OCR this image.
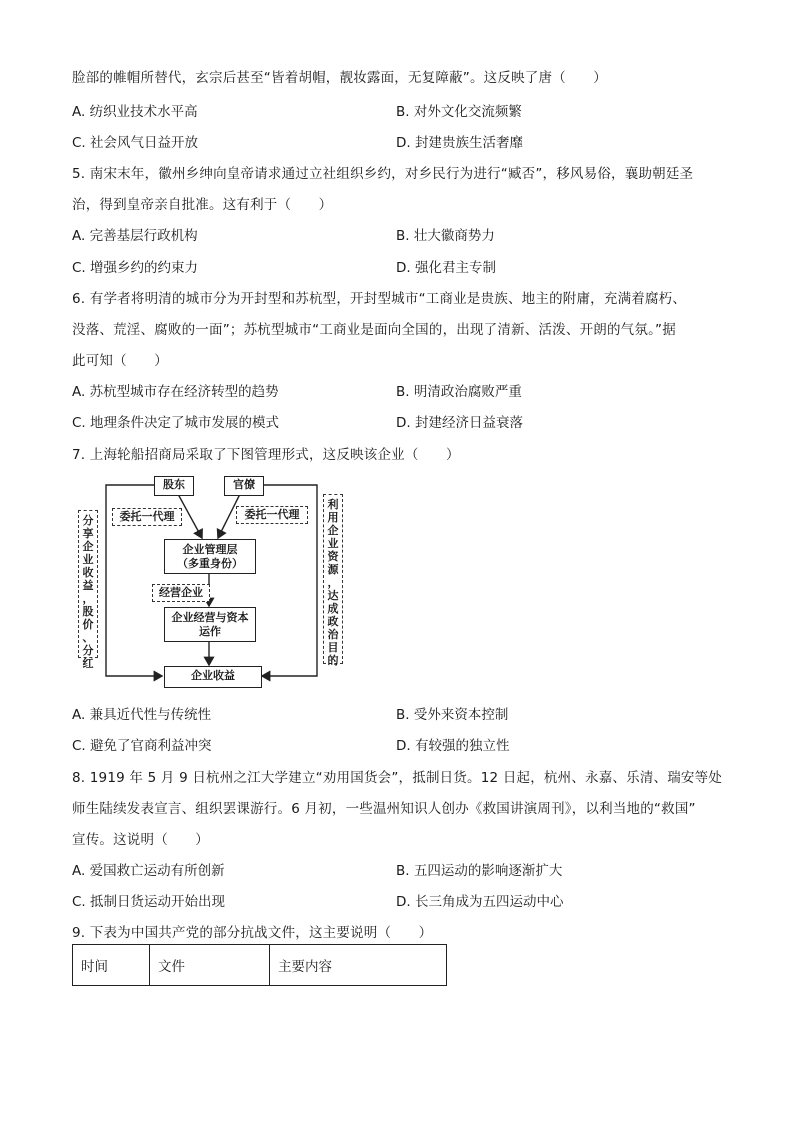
脸部的帷帽所替代，玄宗后甚至“皆着胡帽，靓妆露面，无复障蔽”。这反映了唐（　　）
A. 纺织业技术水平高	B. 对外文化交流频繁
C. 社会风气日益开放	D. 封建贵族生活奢靡
5. 南宋末年，徽州乡绅向皇帝请求通过立社组织乡约，对乡民行为进行“臧否”，移风易俗，襄助朝廷圣
治，得到皇帝亲自批准。这有利于（　　）
A. 完善基层行政机构	B. 壮大徽商势力
C. 增强乡约的约束力	D. 强化君主专制
6. 有学者将明清的城市分为开封型和苏杭型，开封型城市“工商业是贵族、地主的附庸，充满着腐朽、
没落、荒淫、腐败的一面”；苏杭型城市“工商业是面向全国的，出现了清新、活泼、开朗的气氛。”据
此可知（　　）
A. 苏杭型城市存在经济转型的趋势	B. 明清政治腐败严重
C. 地理条件决定了城市发展的模式	D. 封建经济日益衰落
7. 上海轮船招商局采取了下图管理形式，这反映该企业（　　）
股东	官僚
委托一代理	委托一代理
企业管理层
（多重身份）
经营企业
企业经营与资本
运作
企业收益
分
享
企
业
收
益
，
股
价
、
分
红
利
用
企
业
资
源
，
达
成
政
治
目
的
A. 兼具近代性与传统性	B. 受外来资本控制
C. 避免了官商利益冲突	D. 有较强的独立性
8. 1919 年 5 月 9 日杭州之江大学建立“劝用国货会”，抵制日货。12 日起，杭州、永嘉、乐清、瑞安等处
师生陆续发表宣言、组织罢课游行。6 月初，一些温州知识人创办《救国讲演周刊》，以利当地的“救国”
宣传。这说明（　　）
A. 爱国救亡运动有所创新	B. 五四运动的影响逐渐扩大
C. 抵制日货运动开始出现	D. 长三角成为五四运动中心
9. 下表为中国共产党的部分抗战文件，这主要说明（　　）
时间	文件	主要内容
